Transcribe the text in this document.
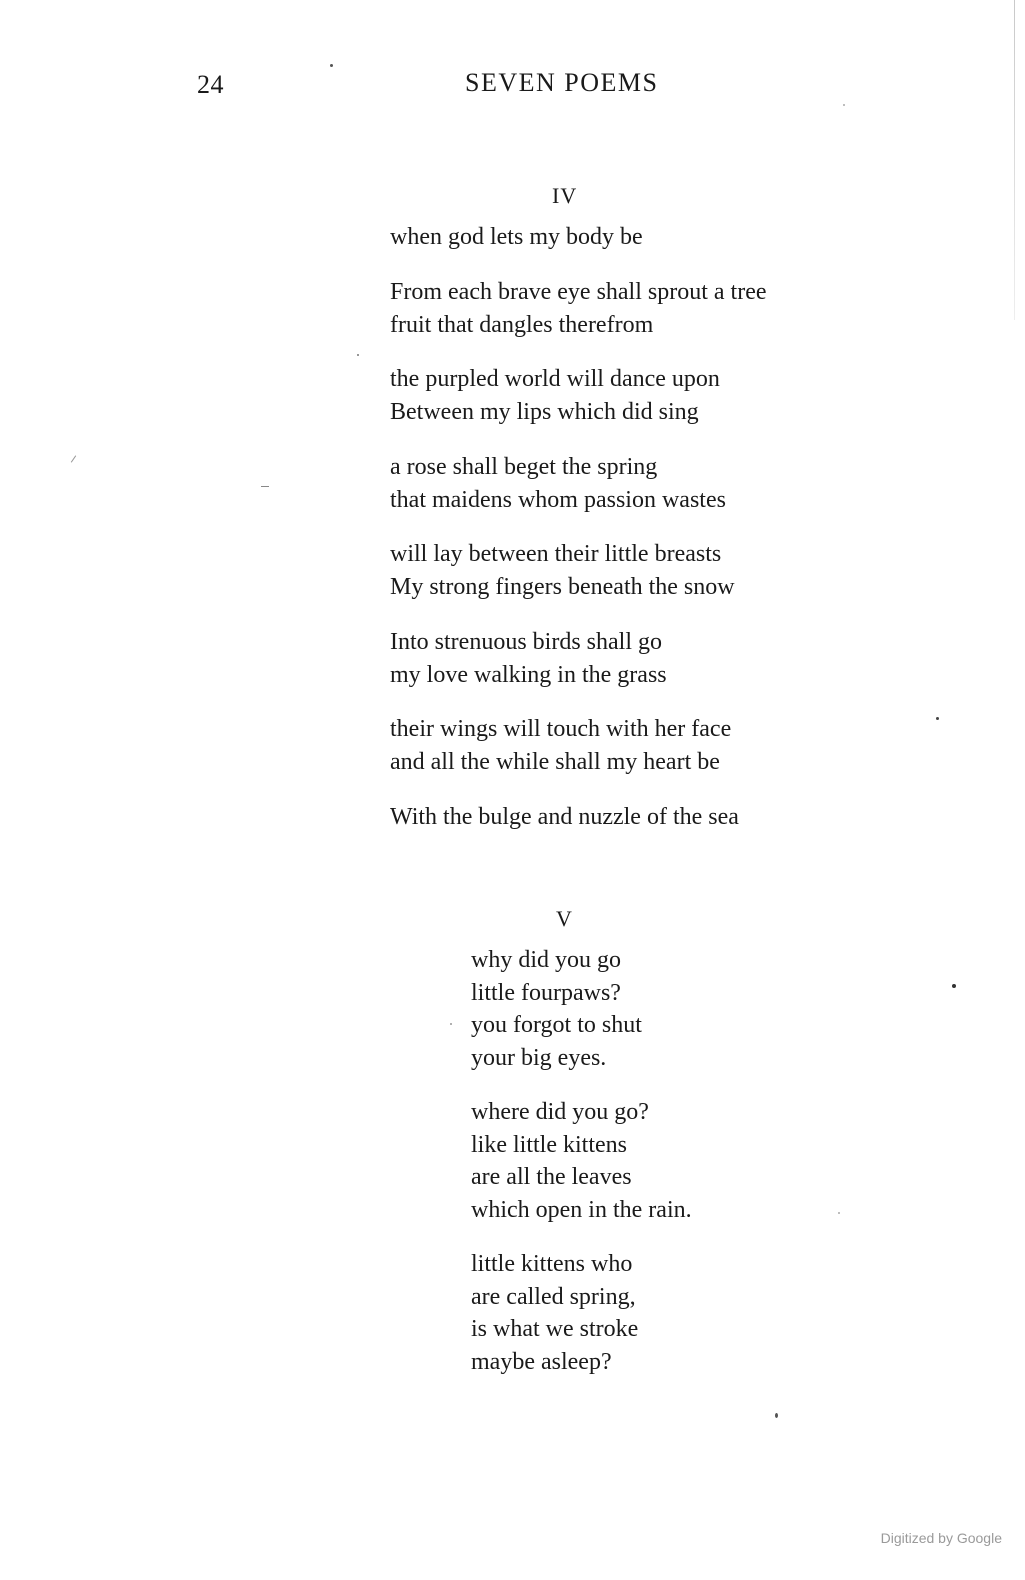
24	SEVEN POEMS
IV
when god lets my body be
From each brave eye shall sprout a tree
fruit that dangles therefrom
the purpled world will dance upon
Between my lips which did sing
a rose shall beget the spring
that maidens whom passion wastes
will lay between their little breasts
My strong fingers beneath the snow
Into strenuous birds shall go
my love walking in the grass
their wings will touch with her face
and all the while shall my heart be
With the bulge and nuzzle of the sea
V
why did you go
little fourpaws?
you forgot to shut
your big eyes.
where did you go?
like little kittens
are all the leaves
which open in the rain.
little kittens who
are called spring,
is what we stroke
maybe asleep?
Digitized by Google
